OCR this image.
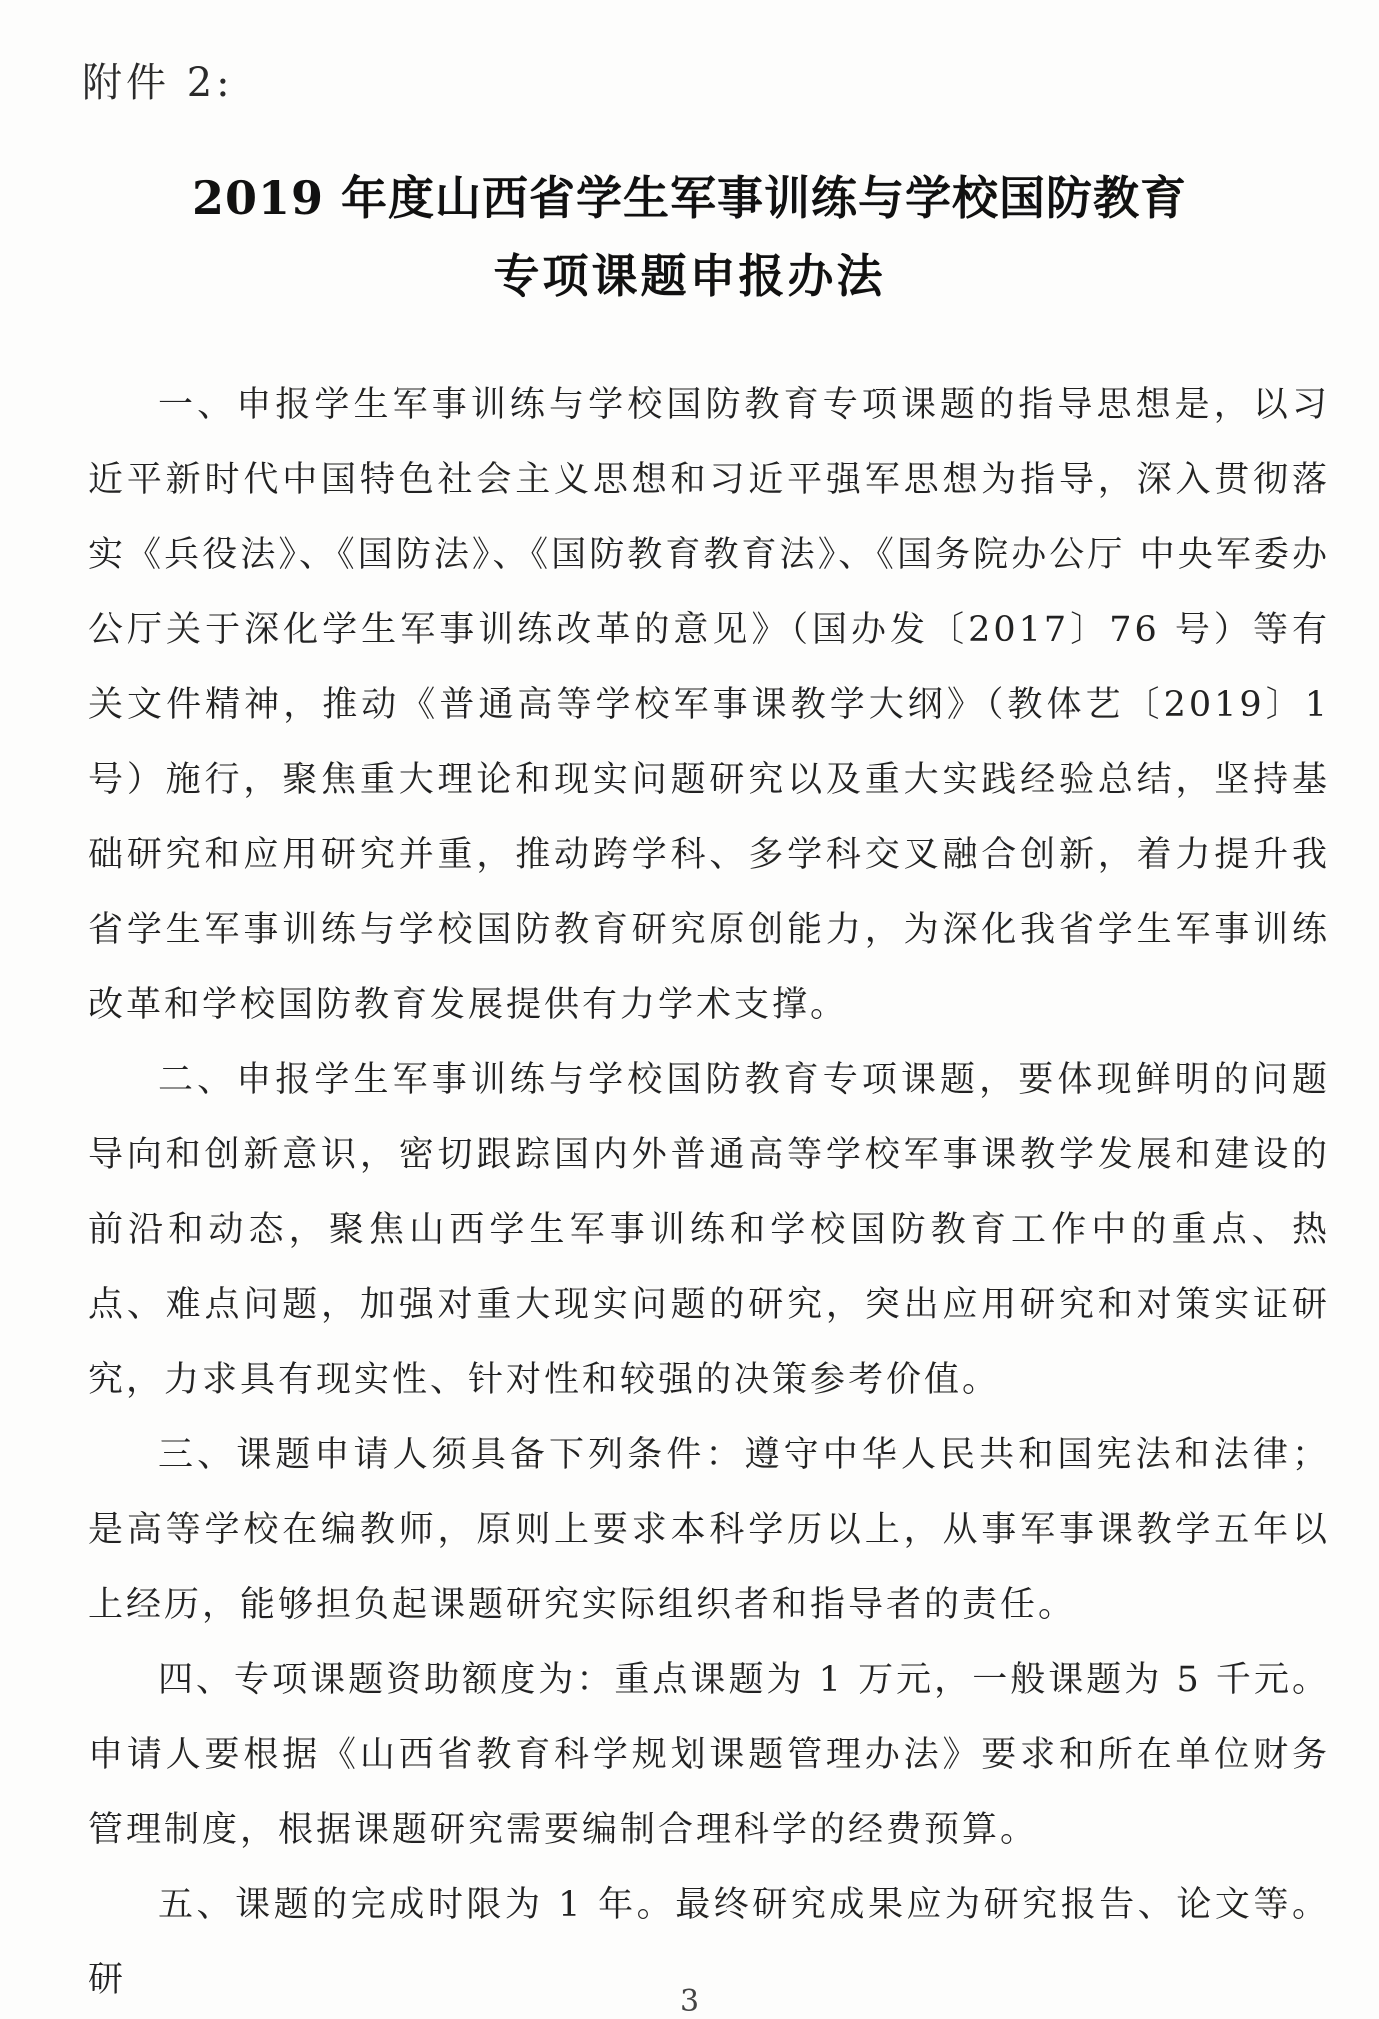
附件 2:
2019 年度山西省学生军事训练与学校国防教育
专项课题申报办法

一、申报学生军事训练与学校国防教育专项课题的指导思想是，以习近平新时代中国特色社会主义思想和习近平强军思想为指导，深入贯彻落实《兵役法》、《国防法》、《国防教育教育法》、《国务院办公厅 中央军委办公厅关于深化学生军事训练改革的意见》（国办发〔2017〕76 号）等有关文件精神，推动《普通高等学校军事课教学大纲》（教体艺〔2019〕1 号）施行，聚焦重大理论和现实问题研究以及重大实践经验总结，坚持基础研究和应用研究并重，推动跨学科、多学科交叉融合创新，着力提升我省学生军事训练与学校国防教育研究原创能力，为深化我省学生军事训练改革和学校国防教育发展提供有力学术支撑。

二、申报学生军事训练与学校国防教育专项课题，要体现鲜明的问题导向和创新意识，密切跟踪国内外普通高等学校军事课教学发展和建设的前沿和动态，聚焦山西学生军事训练和学校国防教育工作中的重点、热点、难点问题，加强对重大现实问题的研究，突出应用研究和对策实证研究，力求具有现实性、针对性和较强的决策参考价值。

三、课题申请人须具备下列条件：遵守中华人民共和国宪法和法律；是高等学校在编教师，原则上要求本科学历以上，从事军事课教学五年以上经历，能够担负起课题研究实际组织者和指导者的责任。

四、专项课题资助额度为：重点课题为 1 万元，一般课题为 5 千元。申请人要根据《山西省教育科学规划课题管理办法》要求和所在单位财务管理制度，根据课题研究需要编制合理科学的经费预算。

五、课题的完成时限为 1 年。最终研究成果应为研究报告、论文等。研

3
